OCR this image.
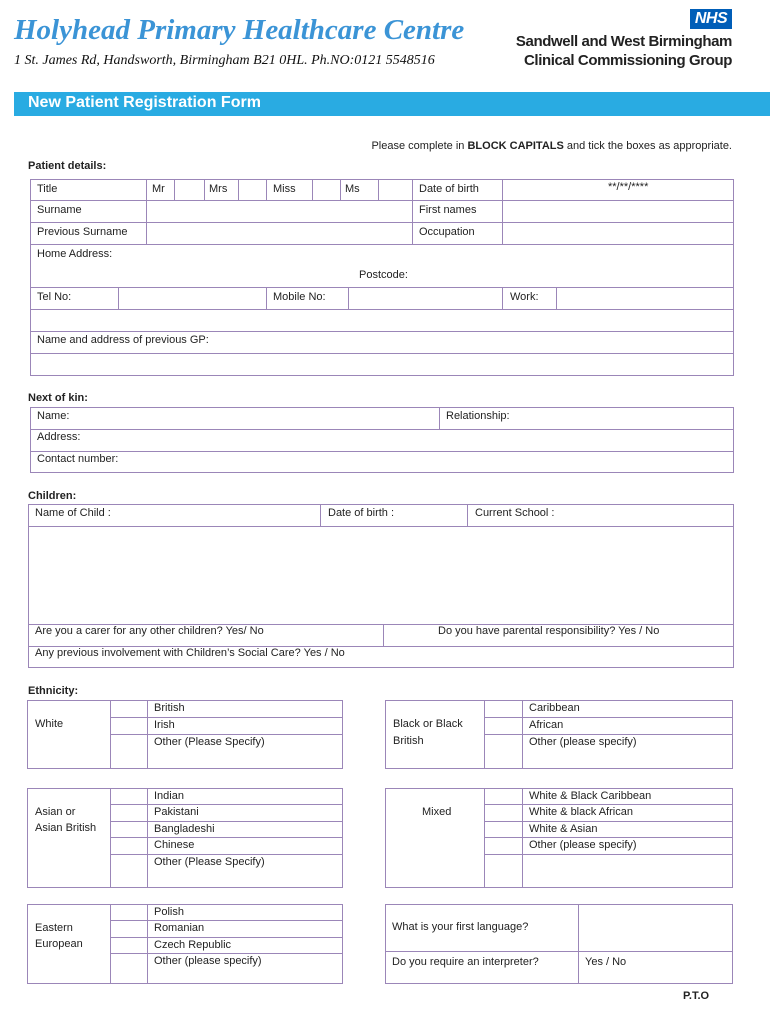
Holyhead Primary Healthcare Centre
1 St. James Rd, Handsworth, Birmingham B21 0HL. Ph.NO:0121 5548516
NHS
Sandwell and West Birmingham
Clinical Commissioning Group
New Patient Registration Form
Please complete in BLOCK CAPITALS and tick the boxes as appropriate.
Patient details:
Title	Mr	Mrs	Miss	Ms	Date of birth	**/**/****
Surname	First names
Previous Surname	Occupation
Home Address:
Postcode:
Tel No:	Mobile No:	Work:
Name and address of previous GP:
Next of kin:
Name:	Relationship:
Address:
Contact number:
Children:
Name of Child :	Date of birth :	Current School :
Are you a carer for any other children? Yes/ No	Do you have parental responsibility? Yes / No
Any previous involvement with Children’s Social Care? Yes / No
Ethnicity:
White
British
Irish
Other (Please Specify)
Black or Black
British
Caribbean
African
Other (please specify)
Asian or
Asian British
Indian
Pakistani
Bangladeshi
Chinese
Other (Please Specify)
Mixed
White & Black Caribbean
White & black African
White & Asian
Other (please specify)
Eastern
European
Polish
Romanian
Czech Republic
Other (please specify)
What is your first language?
Do you require an interpreter?	Yes / No
P.T.O
